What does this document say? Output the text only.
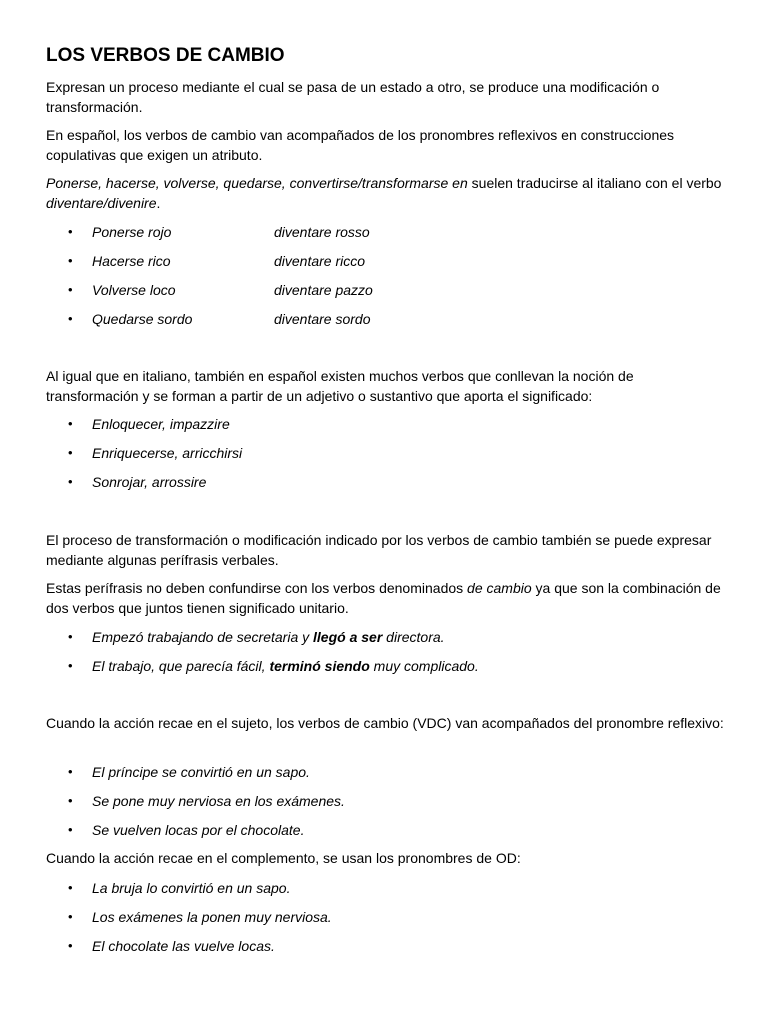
LOS VERBOS DE CAMBIO

Expresan un proceso mediante el cual se pasa de un estado a otro, se produce una modificación o transformación.

En español, los verbos de cambio van acompañados de los pronombres reflexivos en construcciones copulativas que exigen un atributo.

Ponerse, hacerse, volverse, quedarse, convertirse/transformarse en suelen traducirse al italiano con el verbo diventare/divenire.

• Ponerse rojo	diventare rosso
• Hacerse rico	diventare ricco
• Volverse loco	diventare pazzo
• Quedarse sordo	diventare sordo

Al igual que en italiano, también en español existen muchos verbos que conllevan la noción de transformación y se forman a partir de un adjetivo o sustantivo que aporta el significado:

• Enloquecer, impazzire
• Enriquecerse, arricchirsi
• Sonrojar, arrossire

El proceso de transformación o modificación indicado por los verbos de cambio también se puede expresar mediante algunas perífrasis verbales.

Estas perífrasis no deben confundirse con los verbos denominados de cambio ya que son la combinación de dos verbos que juntos tienen significado unitario.

• Empezó trabajando de secretaria y llegó a ser directora.
• El trabajo, que parecía fácil, terminó siendo muy complicado.

Cuando la acción recae en el sujeto, los verbos de cambio (VDC) van acompañados del pronombre reflexivo:

• El príncipe se convirtió en un sapo.
• Se pone muy nerviosa en los exámenes.
• Se vuelven locas por el chocolate.

Cuando la acción recae en el complemento, se usan los pronombres de OD:

• La bruja lo convirtió en un sapo.
• Los exámenes la ponen muy nerviosa.
• El chocolate las vuelve locas.
